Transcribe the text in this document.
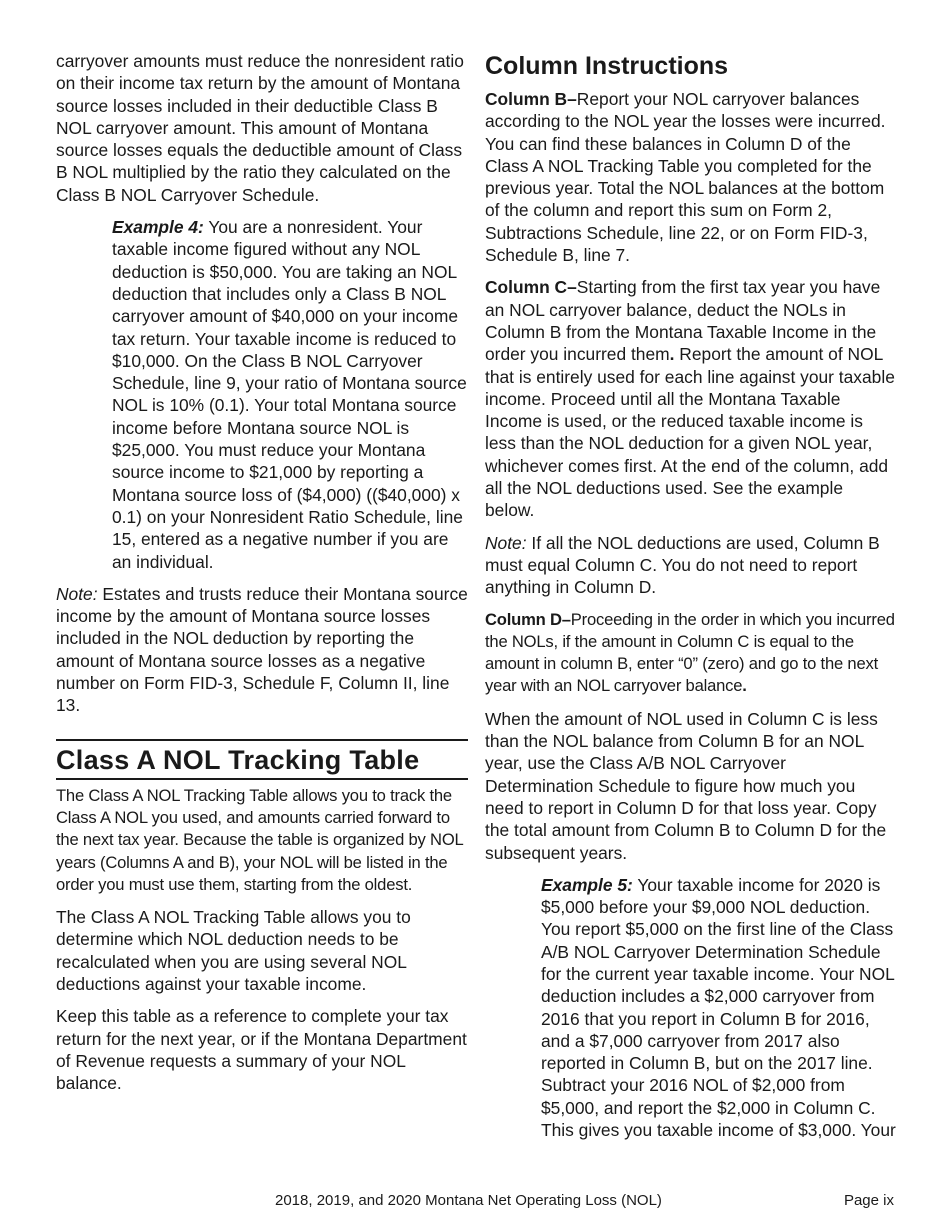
carryover amounts must reduce the nonresident ratio on their income tax return by the amount of Montana source losses included in their deductible Class B NOL carryover amount. This amount of Montana source losses equals the deductible amount of Class B NOL multiplied by the ratio they calculated on the Class B NOL Carryover Schedule.

Example 4: You are a nonresident. Your taxable income figured without any NOL deduction is $50,000. You are taking an NOL deduction that includes only a Class B NOL carryover amount of $40,000 on your income tax return. Your taxable income is reduced to $10,000. On the Class B NOL Carryover Schedule, line 9, your ratio of Montana source NOL is 10% (0.1). Your total Montana source income before Montana source NOL is $25,000. You must reduce your Montana source income to $21,000 by reporting a Montana source loss of ($4,000) (($40,000) x 0.1) on your Nonresident Ratio Schedule, line 15, entered as a negative number if you are an individual.

Note: Estates and trusts reduce their Montana source income by the amount of Montana source losses included in the NOL deduction by reporting the amount of Montana source losses as a negative number on Form FID-3, Schedule F, Column II, line 13.

Class A NOL Tracking Table

The Class A NOL Tracking Table allows you to track the Class A NOL you used, and amounts carried forward to the next tax year. Because the table is organized by NOL years (Columns A and B), your NOL will be listed in the order you must use them, starting from the oldest.

The Class A NOL Tracking Table allows you to determine which NOL deduction needs to be recalculated when you are using several NOL deductions against your taxable income.

Keep this table as a reference to complete your tax return for the next year, or if the Montana Department of Revenue requests a summary of your NOL balance.

Column Instructions

Column B–Report your NOL carryover balances according to the NOL year the losses were incurred. You can find these balances in Column D of the Class A NOL Tracking Table you completed for the previous year. Total the NOL balances at the bottom of the column and report this sum on Form 2, Subtractions Schedule, line 22, or on Form FID-3, Schedule B, line 7.

Column C–Starting from the first tax year you have an NOL carryover balance, deduct the NOLs in Column B from the Montana Taxable Income in the order you incurred them. Report the amount of NOL that is entirely used for each line against your taxable income. Proceed until all the Montana Taxable Income is used, or the reduced taxable income is less than the NOL deduction for a given NOL year, whichever comes first. At the end of the column, add all the NOL deductions used. See the example below.

Note: If all the NOL deductions are used, Column B must equal Column C. You do not need to report anything in Column D.

Column D–Proceeding in the order in which you incurred the NOLs, if the amount in Column C is equal to the amount in column B, enter “0” (zero) and go to the next year with an NOL carryover balance.

When the amount of NOL used in Column C is less than the NOL balance from Column B for an NOL year, use the Class A/B NOL Carryover Determination Schedule to figure how much you need to report in Column D for that loss year. Copy the total amount from Column B to Column D for the subsequent years.

Example 5: Your taxable income for 2020 is $5,000 before your $9,000 NOL deduction. You report $5,000 on the first line of the Class A/B NOL Carryover Determination Schedule for the current year taxable income. Your NOL deduction includes a $2,000 carryover from 2016 that you report in Column B for 2016, and a $7,000 carryover from 2017 also reported in Column B, but on the 2017 line. Subtract your 2016 NOL of $2,000 from $5,000, and report the $2,000 in Column C. This gives you taxable income of $3,000. Your

2018, 2019, and 2020 Montana Net Operating Loss (NOL)	Page ix
